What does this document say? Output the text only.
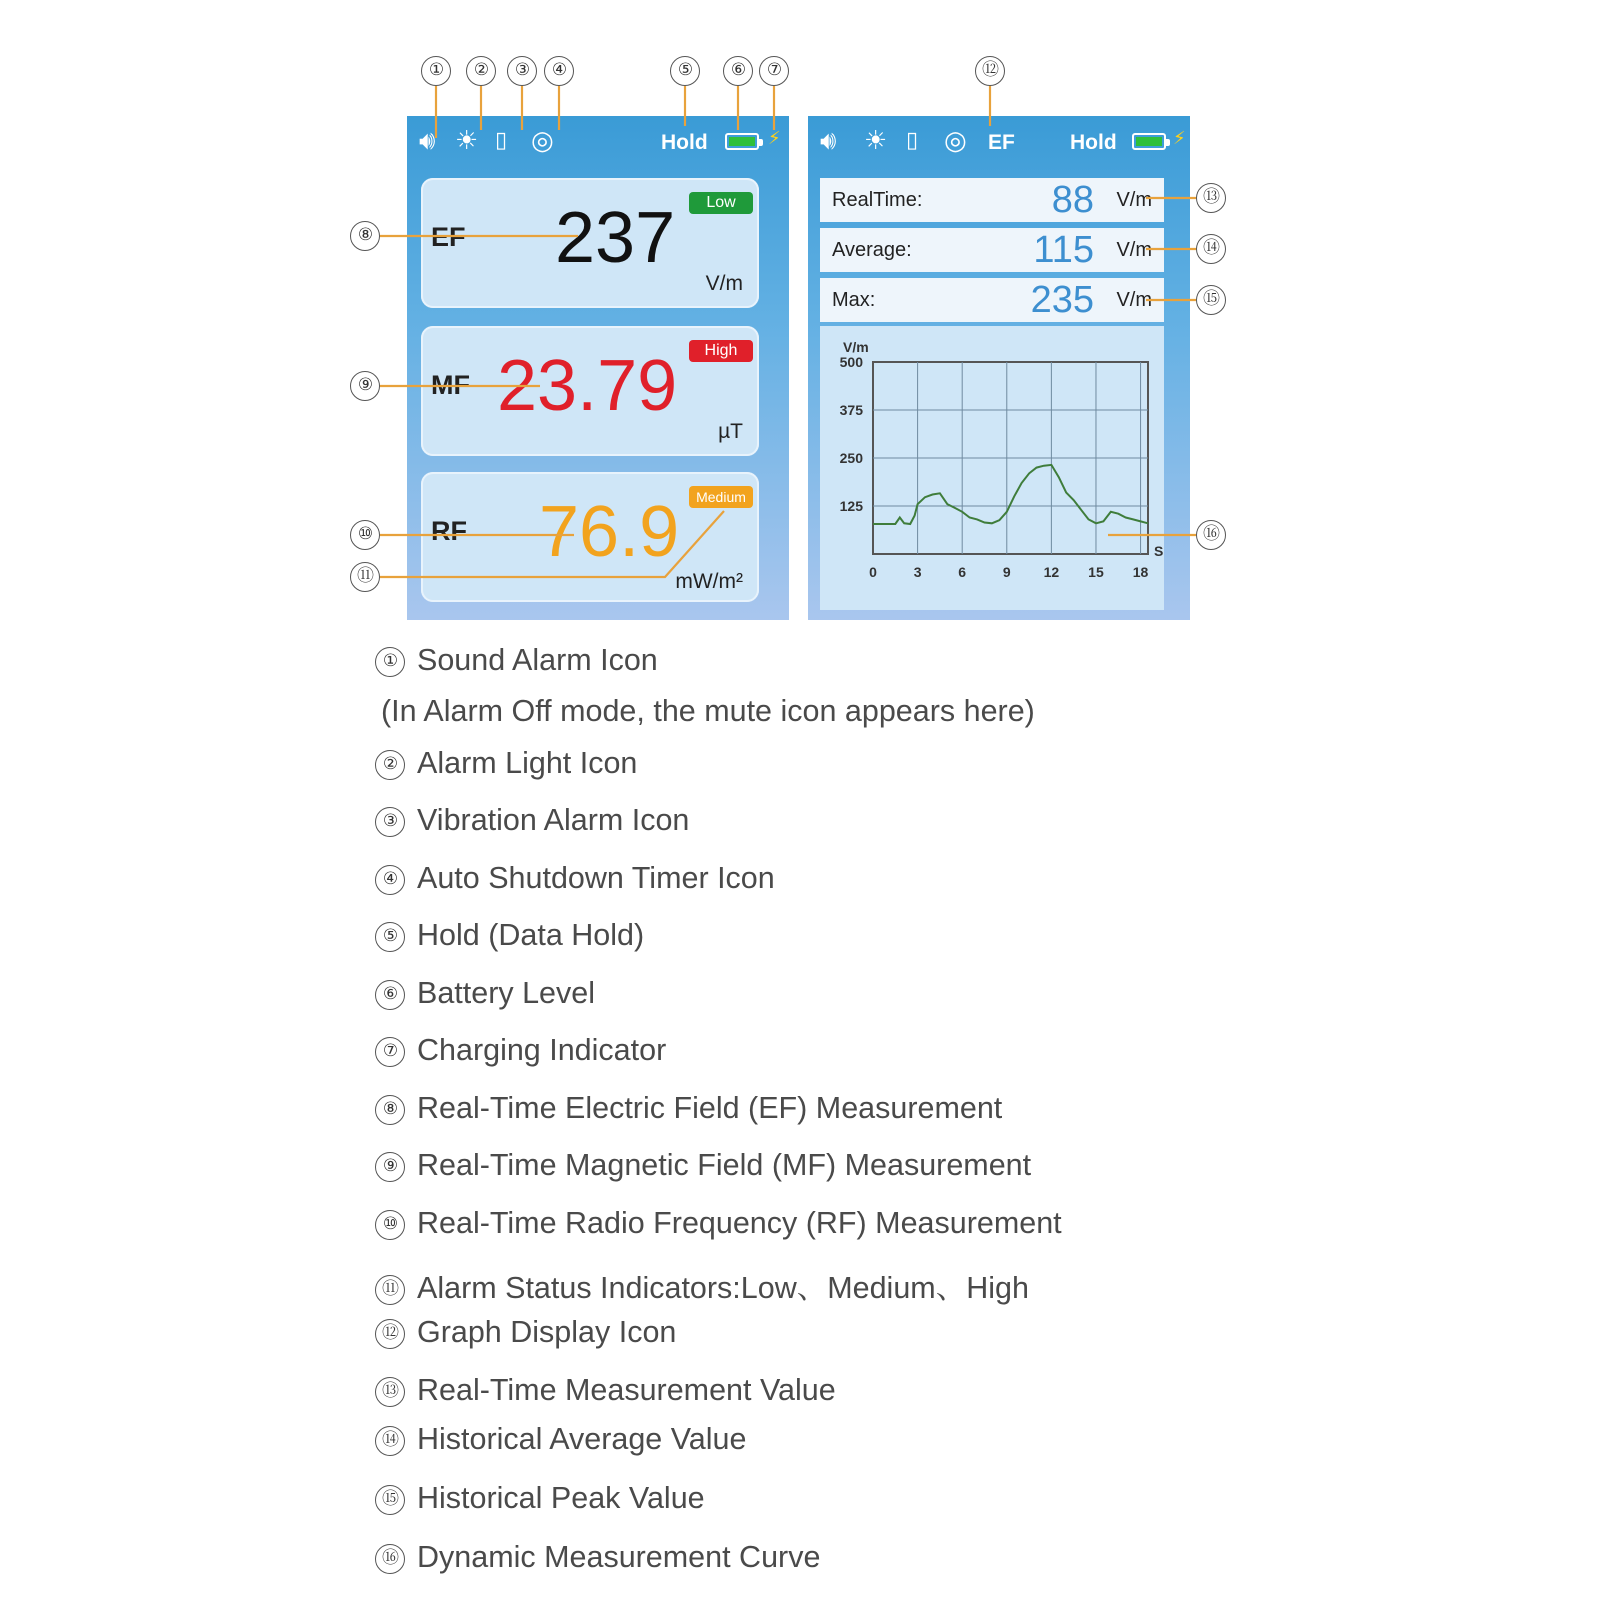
🔊︎ ☀︎ ▯ ◎	Hold	⚡︎
EF 237	Low
V/m
MF 23.79	High
µT
RF 76.9	Medium
mW/m²
🔊︎ ☀︎ ▯ ◎ EF	Hold	⚡︎
RealTime:	88 V/m
Average:	115 V/m
Max:	235 V/m
500
375
250
125
0	3	6	9 12 15 18
V/m
S
①	②	③	④	⑤	⑥	⑦
⑧
⑨
⑩
⑪
⑫
⑬
⑭
⑮
⑯
① Sound Alarm Icon
(In Alarm Off mode, the mute icon appears here)
② Alarm Light Icon
③ Vibration Alarm Icon
④ Auto Shutdown Timer Icon
⑤ Hold (Data Hold)
⑥ Battery Level
⑦ Charging Indicator
⑧ Real-Time Electric Field (EF) Measurement
⑨ Real-Time Magnetic Field (MF) Measurement
⑩ Real-Time Radio Frequency (RF) Measurement
⑪ Alarm Status Indicators:Low、Medium、High
⑫ Graph Display Icon
⑬ Real-Time Measurement Value
⑭ Historical Average Value
⑮ Historical Peak Value
⑯ Dynamic Measurement Curve
